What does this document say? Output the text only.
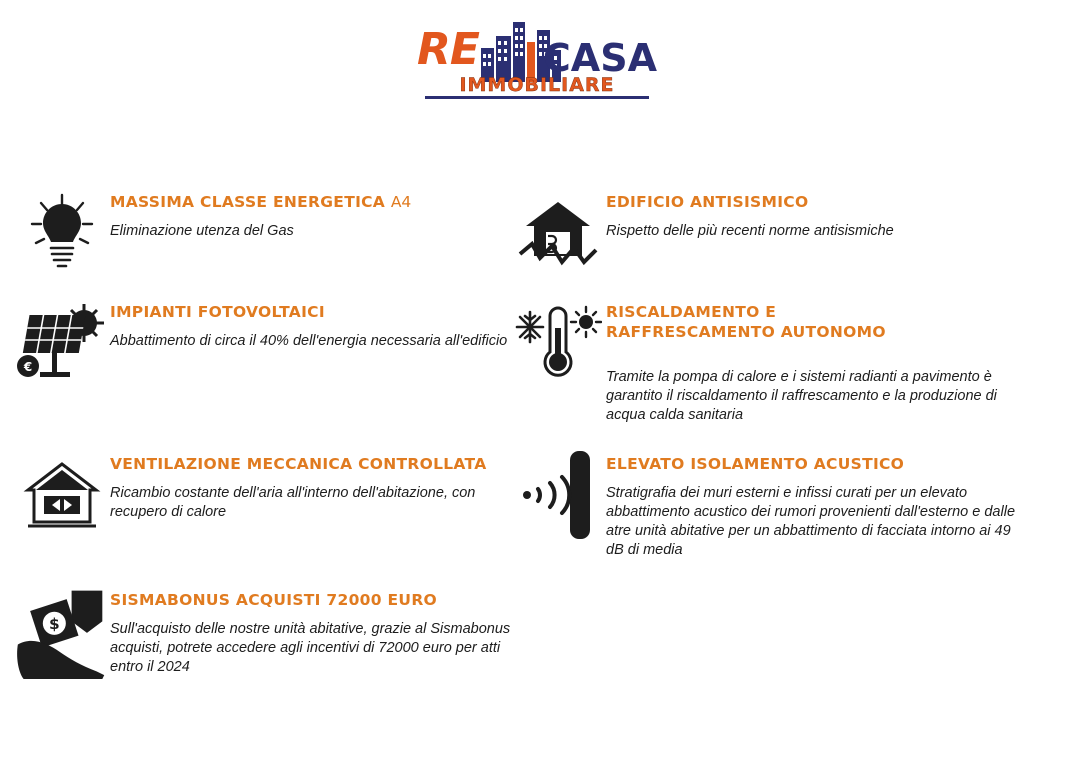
RE CASA
IMMOBILIARE

MASSIMA CLASSE ENERGETICA A4

Eliminazione utenza del Gas

€

IMPIANTI FOTOVOLTAICI

Abbattimento di circa il 40% dell'energia necessaria all'edificio

VENTILAZIONE MECCANICA CONTROLLATA

Ricambio costante dell'aria all'interno dell'abitazione, con recupero di calore

$

SISMABONUS ACQUISTI 72000 EURO

Sull'acquisto delle nostre unità abitative, grazie al Sismabonus acquisti, potrete accedere agli incentivi di 72000 euro per atti entro il 2024

EDIFICIO ANTISISMICO

Rispetto delle più recenti norme antisismiche

RISCALDAMENTO E RAFFRESCAMENTO AUTONOMO

Tramite la pompa di calore e i sistemi radianti a pavimento è garantito il riscaldamento il raffrescamento e la produzione di acqua calda sanitaria

ELEVATO ISOLAMENTO ACUSTICO

Stratigrafia dei muri esterni e infissi curati per un elevato abbattimento acustico dei rumori provenienti dall'esterno e dalle atre unità abitative per un abbattimento di facciata intorno ai 49 dB di media
